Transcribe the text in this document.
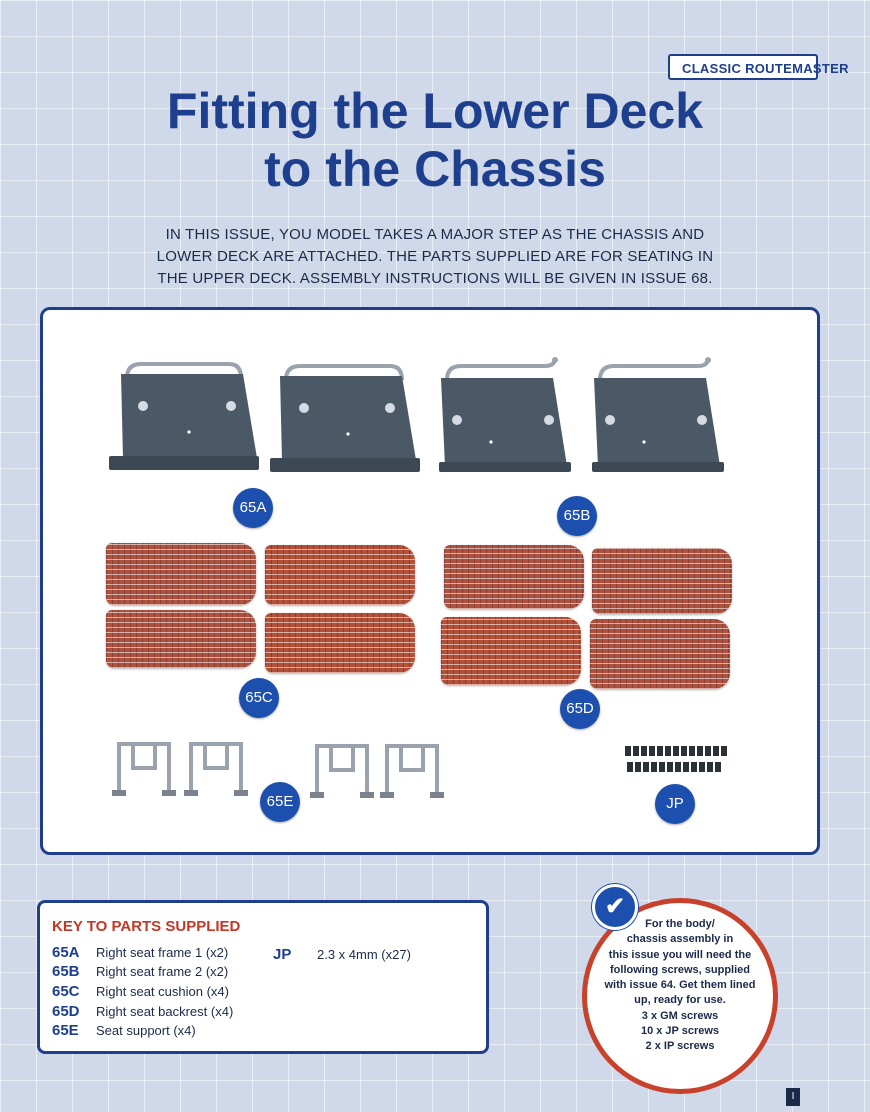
CLASSIC ROUTEMASTER
Fitting the Lower Deck
to the Chassis
IN THIS ISSUE, YOU MODEL TAKES A MAJOR STEP AS THE CHASSIS AND LOWER DECK ARE ATTACHED. THE PARTS SUPPLIED ARE FOR SEATING IN THE UPPER DECK. ASSEMBLY INSTRUCTIONS WILL BE GIVEN IN ISSUE 68.
65A	65B
65C
65D
65E	JP
KEY TO PARTS SUPPLIED
65A Right seat frame 1 (x2)
65B Right seat frame 2 (x2)
65C Right seat cushion (x4)
65D Right seat backrest (x4)
65E Seat support (x4)
JP 2.3 x 4mm (x27)
For the body/
chassis assembly in
this issue you will need the
following screws, supplied
with issue 64. Get them lined
up, ready for use.
3 x GM screws
10 x JP screws
2 x IP screws
✔
I
